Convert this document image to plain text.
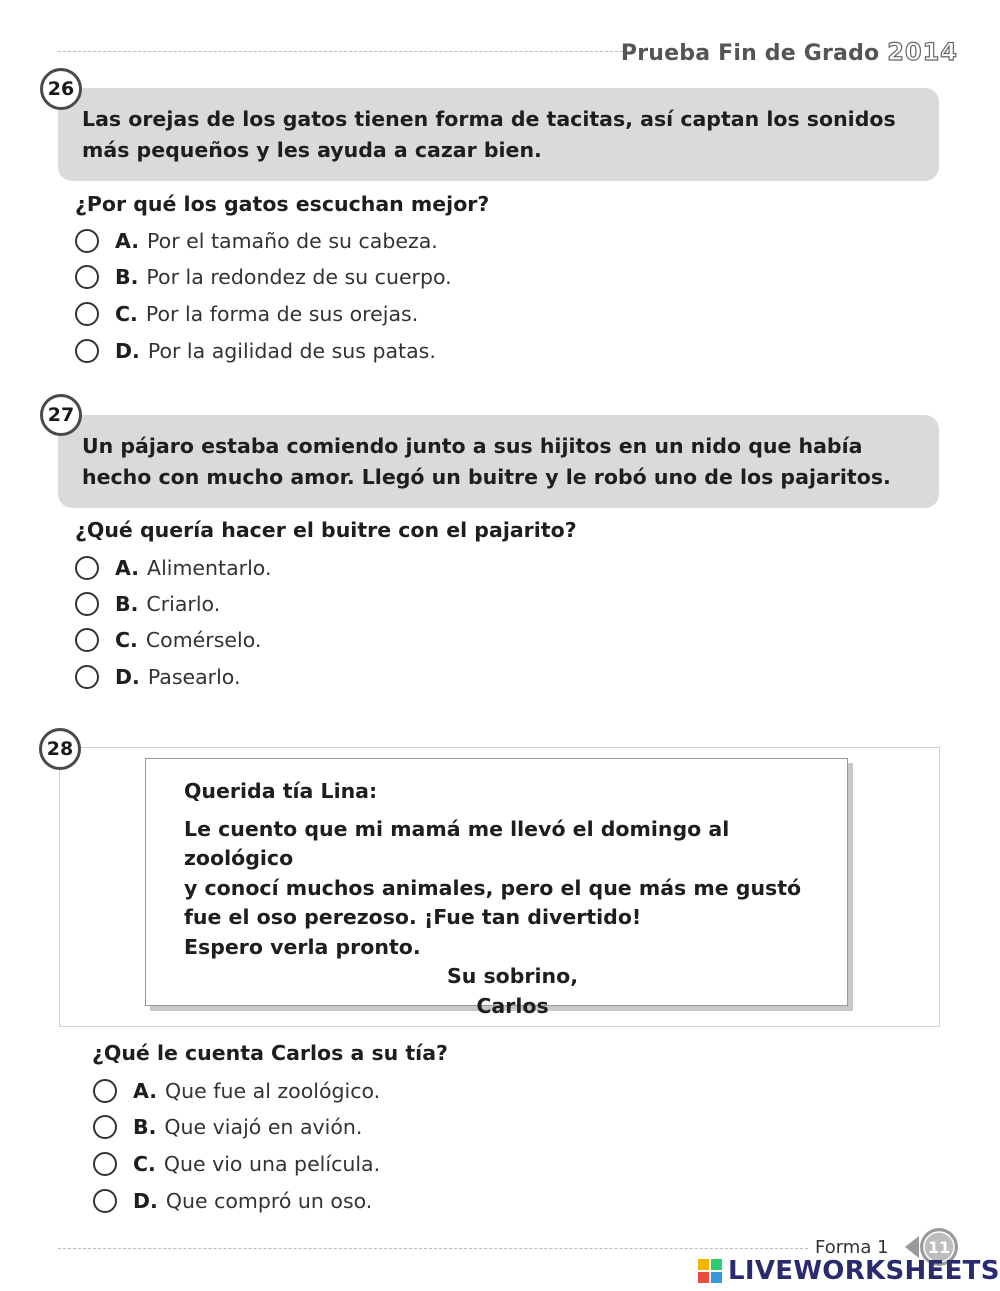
Prueba Fin de Grado 2014
26
Las orejas de los gatos tienen forma de tacitas, así captan los sonidos más pequeños y les ayuda a cazar bien.
¿Por qué los gatos escuchan mejor?
A. Por el tamaño de su cabeza.
B. Por la redondez de su cuerpo.
C. Por la forma de sus orejas.
D. Por la agilidad de sus patas.
27
Un pájaro estaba comiendo junto a sus hijitos en un nido que había hecho con mucho amor. Llegó un buitre y le robó uno de los pajaritos.
¿Qué quería hacer el buitre con el pajarito?
A. Alimentarlo.
B. Criarlo.
C. Comérselo.
D. Pasearlo.
28
Querida tía Lina:
Le cuento que mi mamá me llevó el domingo al zoológico
y conocí muchos animales, pero el que más me gustó
fue el oso perezoso. ¡Fue tan divertido!
Espero verla pronto.
Su sobrino,
Carlos
¿Qué le cuenta Carlos a su tía?
A. Que fue al zoológico.
B. Que viajó en avión.
C. Que vio una película.
D. Que compró un oso.
Forma 1 11
LIVEWORKSHEETS
